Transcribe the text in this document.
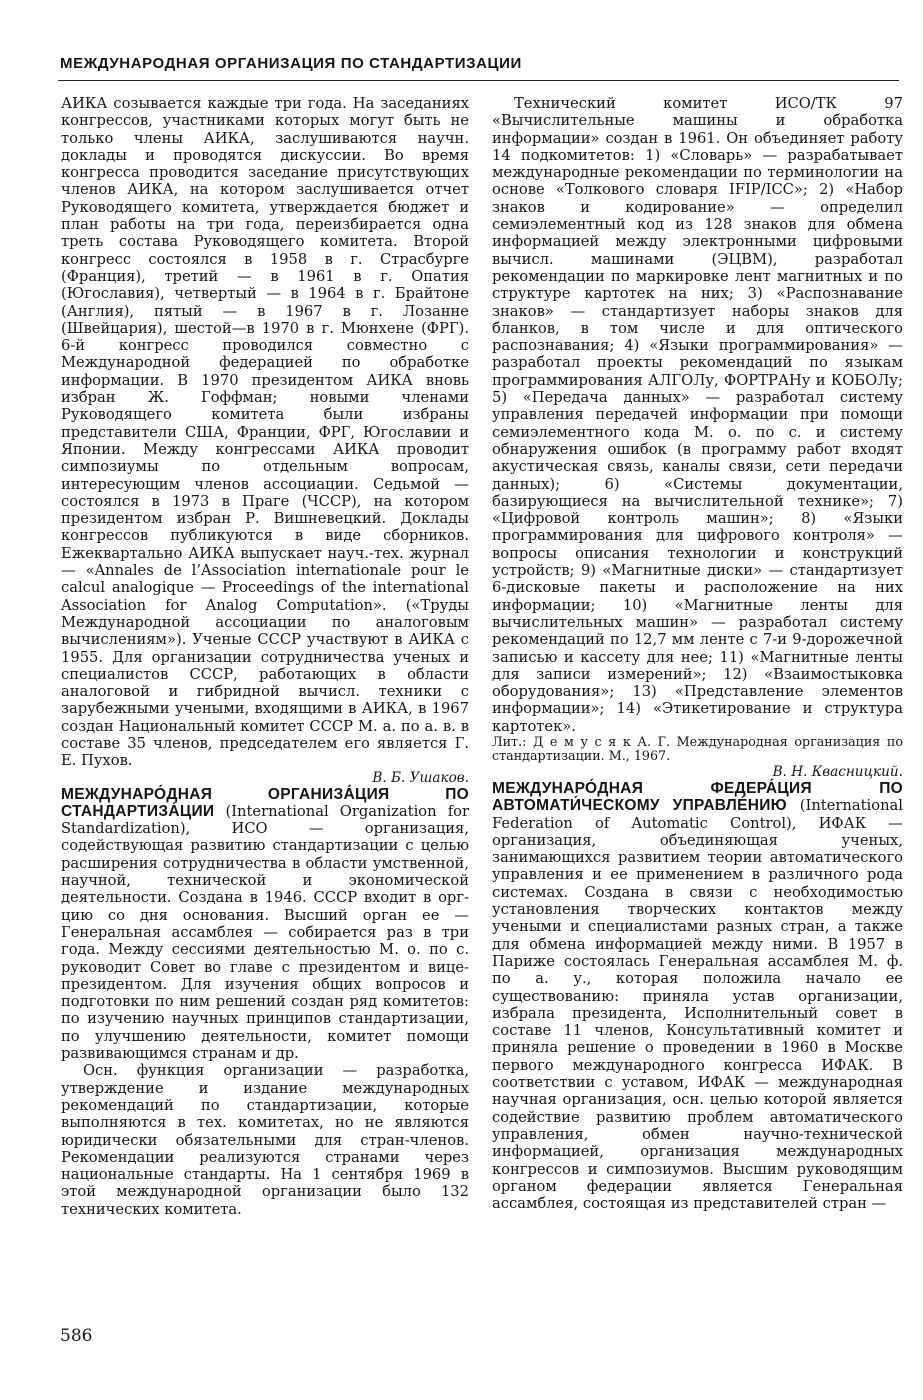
МЕЖДУНАРОДНАЯ ОРГАНИЗАЦИЯ ПО СТАНДАРТИЗАЦИИ

АИКА созывается каждые три года. На заседаниях конгрессов, участниками которых могут быть не только члены АИКА, заслушиваются научн. доклады и проводятся дискуссии. Во время конгресса проводится заседание присутствующих членов АИКА, на котором заслушивается отчет Руководящего комитета, утверждается бюджет и план работы на три года, переизбирается одна треть состава Руководящего комитета. Второй конгресс состоялся в 1958 в г. Страсбурге (Франция), третий — в 1961 в г. Опатия (Югославия), четвертый — в 1964 в г. Брайтоне (Англия), пятый — в 1967 в г. Лозанне (Швейцария), шестой—в 1970 в г. Мюнхене (ФРГ). 6-й конгресс проводился совместно с Международной федерацией по обработке информации. В 1970 президентом АИКА вновь избран Ж. Гоффман; новыми членами Руководящего комитета были избраны представители США, Франции, ФРГ, Югославии и Японии. Между конгрессами АИКА проводит симпозиумы по отдельным вопросам, интересующим членов ассоциации. Седьмой — состоялся в 1973 в Праге (ЧССР), на котором президентом избран Р. Вишневецкий. Доклады конгрессов публикуются в виде сборников. Ежеквартально АИКА выпускает науч.-тех. журнал — «Annales de l’Association internationale pour le calcul analogique — Proceedings of the international Association for Analog Computation». («Труды Международной ассоциации по аналоговым вычислениям»). Ученые СССР участвуют в АИКА с 1955. Для организации сотрудничества ученых и специалистов СССР, работающих в области аналоговой и гибридной вычисл. техники с зарубежными учеными, входящими в АИКА, в 1967 создан Национальный комитет СССР М. а. по а. в. в составе 35 членов, председателем его является Г. Е. Пухов.

В. Б. Ушаков.

МЕЖДУНАРО́ДНАЯ ОРГАНИЗА́ЦИЯ ПО СТАНДАРТИЗА́ЦИИ (International Organization for Standardization), ИСО — организация, содействующая развитию стандартизации с целью расширения сотрудничества в области умственной, научной, технической и экономической деятельности. Создана в 1946. СССР входит в орг-цию со дня основания. Высший орган ее — Генеральная ассамблея — собирается раз в три года. Между сессиями деятельностью М. о. по с. руководит Совет во главе с президентом и вице-президентом. Для изучения общих вопросов и подготовки по ним решений создан ряд комитетов: по изучению научных принципов стандартизации, по улучшению деятельности, комитет помощи развивающимся странам и др.

Осн. функция организации — разработка, утверждение и издание международных рекомендаций по стандартизации, которые выполняются в тех. комитетах, но не являются юридически обязательными для стран-членов. Рекомендации реализуются странами через национальные стандарты. На 1 сентября 1969 в этой международной организации было 132 технических комитета.

Технический комитет ИСО/ТК 97 «Вычислительные машины и обработка информации» создан в 1961. Он объединяет работу 14 подкомитетов: 1) «Словарь» — разрабатывает международные рекомендации по терминологии на основе «Толкового словаря IFIP/ICC»; 2) «Набор знаков и кодирование» — определил семиэлементный код из 128 знаков для обмена информацией между электронными цифровыми вычисл. машинами (ЭЦВМ), разработал рекомендации по маркировке лент магнитных и по структуре картотек на них; 3) «Распознавание знаков» — стандартизует наборы знаков для бланков, в том числе и для оптического распознавания; 4) «Языки программирования» — разработал проекты рекомендаций по языкам программирования АЛГОЛу, ФОРТРАНу и КОБОЛу; 5) «Передача данных» — разработал систему управления передачей информации при помощи семиэлементного кода М. о. по с. и систему обнаружения ошибок (в программу работ входят акустическая связь, каналы связи, сети передачи данных); 6) «Системы документации, базирующиеся на вычислительной технике»; 7) «Цифровой контроль машин»; 8) «Языки программирования для цифрового контроля» — вопросы описания технологии и конструкций устройств; 9) «Магнитные диски» — стандартизует 6-дисковые пакеты и расположение на них информации; 10) «Магнитные ленты для вычислительных машин» — разработал систему рекомендаций по 12,7 мм ленте с 7-и 9-дорожечной записью и кассету для нее; 11) «Магнитные ленты для записи измерений»; 12) «Взаимостыковка оборудования»; 13) «Представление элементов информации»; 14) «Этикетирование и структура картотек».

Лит.: Д е м у с я к А. Г. Международная организация по стандартизации. М., 1967.

В. Н. Квасницкий.

МЕЖДУНАРО́ДНАЯ ФЕДЕРА́ЦИЯ ПО АВТОМАТИ́ЧЕСКОМУ УПРАВЛЕ́НИЮ (International Federation of Automatic Control), ИФАК — организация, объединяющая ученых, занимающихся развитием теории автоматического управления и ее применением в различного рода системах. Создана в связи с необходимостью установления творческих контактов между учеными и специалистами разных стран, а также для обмена информацией между ними. В 1957 в Париже состоялась Генеральная ассамблея М. ф. по а. у., которая положила начало ее существованию: приняла устав организации, избрала президента, Исполнительный совет в составе 11 членов, Консультативный комитет и приняла решение о проведении в 1960 в Москве первого международного конгресса ИФАК. В соответствии с уставом, ИФАК — международная научная организация, осн. целью которой является содействие развитию проблем автоматического управления, обмен научно-технической информацией, организация международных конгрессов и симпозиумов. Высшим руководящим органом федерации является Генеральная ассамблея, состоящая из представителей стран —

586
